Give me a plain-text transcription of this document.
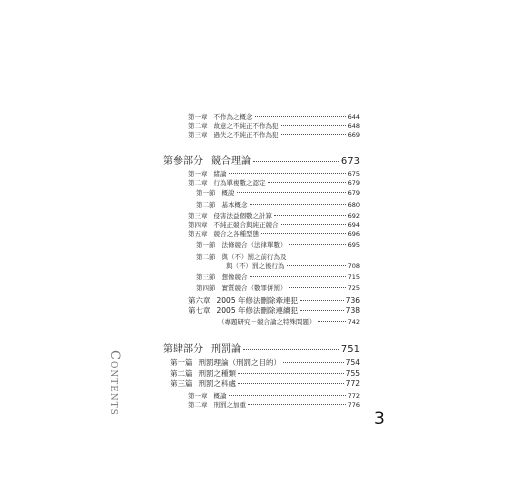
第一章 不作為之概念	644
第二章 故意之不純正不作為犯	648
第三章 過失之不純正不作為犯	669
第參部分 競合理論	673
第一章 緒論	675
第二章 行為單複數之認定	679
第一節 概說	679
第二節 基本概念	680
第三章 侵害法益個數之計算	692
第四章 不純正競合與純正競合	694
第五章 競合之各種型態	696
第一節 法條競合（法律單數）	695
第二節 與（不）罰之前行為及
與（不）罰之後行為	708
第三節 想像競合	715
第四節 實質競合（數罪併罰）	725
第六章 2005 年修法刪除牽連犯	736
第七章 2005 年修法刪除連續犯	738
（專題研究－競合論之特殊問題）	742
第肆部分 刑罰論	751
第一篇 刑罰理論（刑罰之目的）	754
第二篇 刑罰之種類	755
第三篇 刑罰之科處	772
第一章 概論	772
第二章 刑罰之加重	776
Contents
3
